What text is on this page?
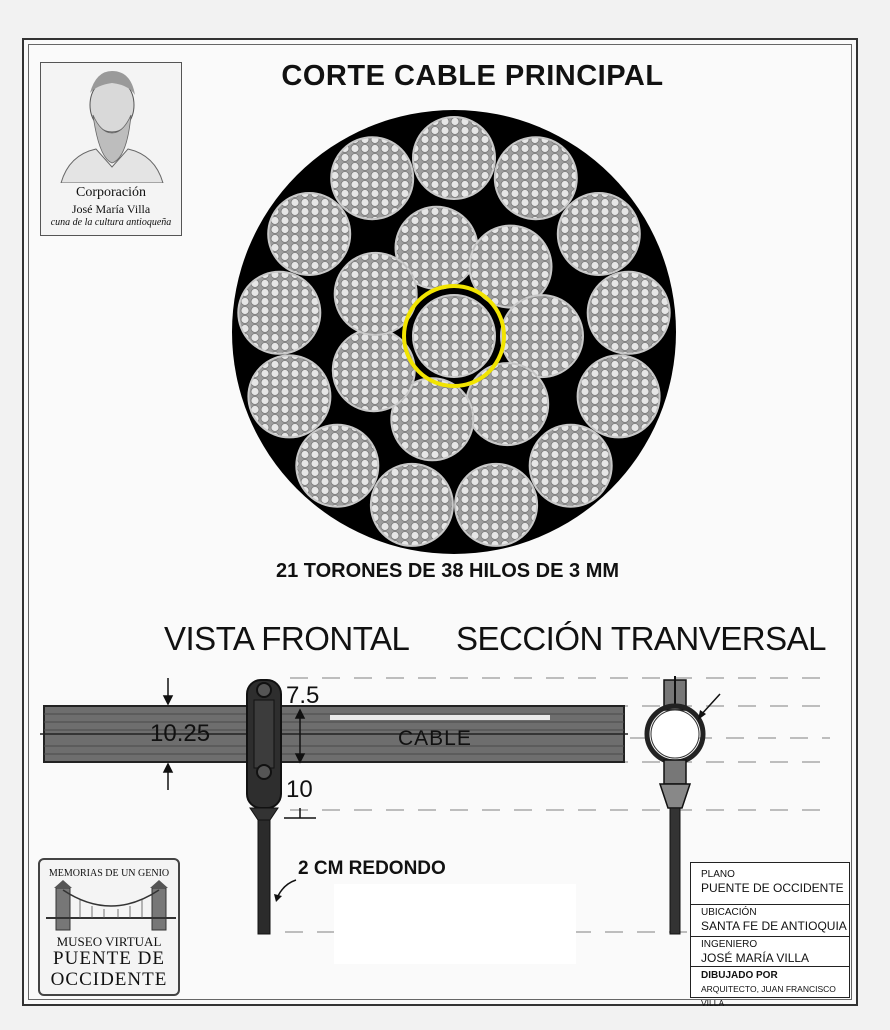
Corporación
José María Villa
cuna de la cultura antioqueña
CORTE CABLE PRINCIPAL
21 TORONES DE 38 HILOS DE 3 MM
VISTA FRONTAL SECCIÓN TRANVERSAL
7.5
10.25
10
CABLE
2 CM REDONDO
MEMORIAS DE UN GENIO
MUSEO VIRTUAL
PUENTE DE
OCCIDENTE
PLANO
PUENTE DE OCCIDENTE
UBICACIÓN
SANTA FE DE ANTIOQUIA
INGENIERO
JOSÉ MARÍA VILLA
DIBUJADO POR
ARQUITECTO, JUAN FRANCISCO VILLA
